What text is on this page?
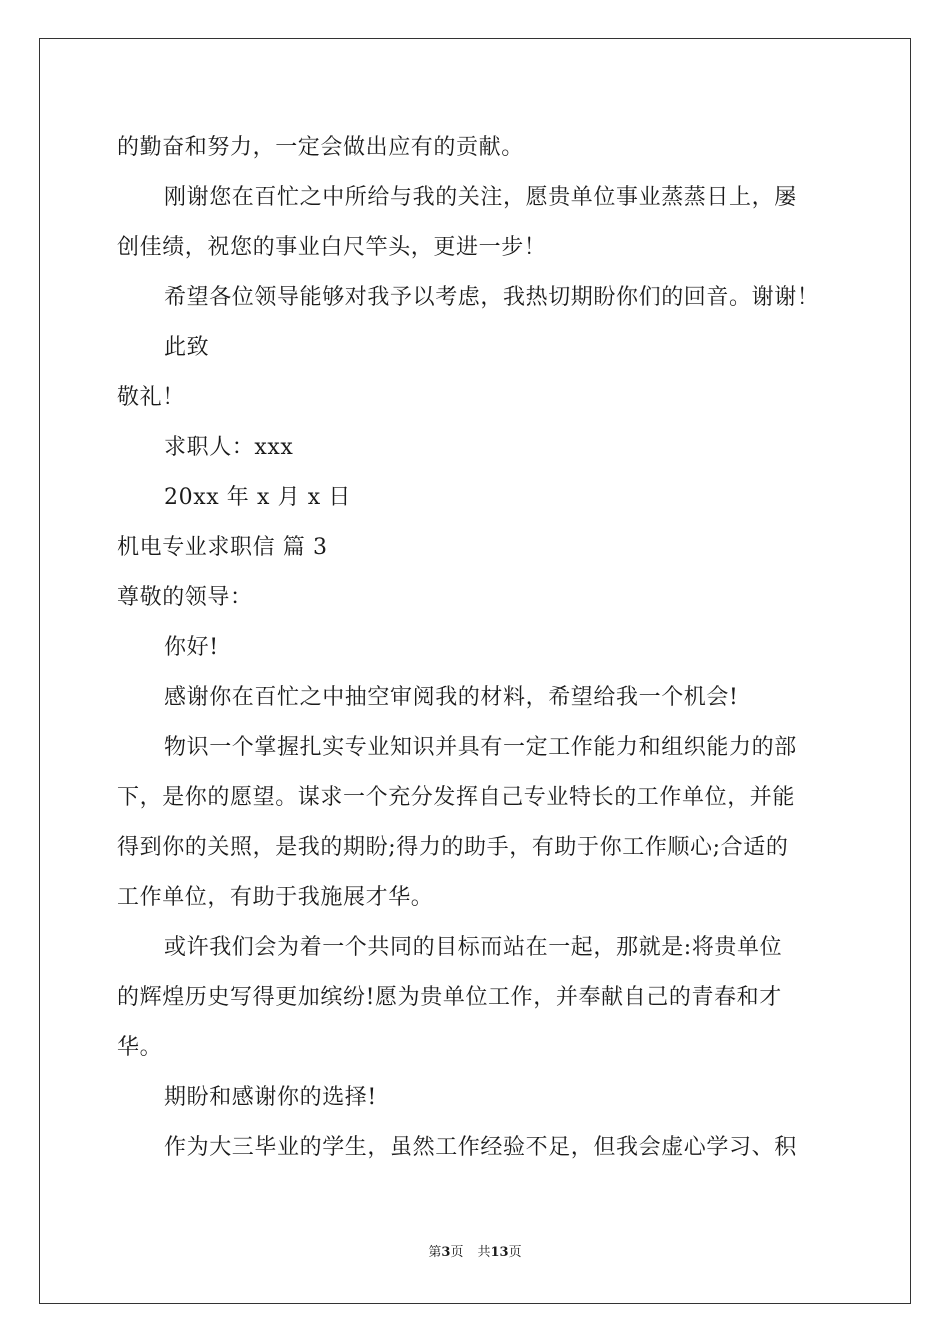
的勤奋和努力，一定会做出应有的贡献。
刚谢您在百忙之中所给与我的关注，愿贵单位事业蒸蒸日上，屡
创佳绩，祝您的事业白尺竿头，更进一步！
希望各位领导能够对我予以考虑，我热切期盼你们的回音。谢谢！
此致
敬礼！
求职人：xxx
20xx 年 x 月 x 日
机电专业求职信 篇 3
尊敬的领导：
你好!
感谢你在百忙之中抽空审阅我的材料，希望给我一个机会!
物识一个掌握扎实专业知识并具有一定工作能力和组织能力的部
下，是你的愿望。谋求一个充分发挥自己专业特长的工作单位，并能
得到你的关照，是我的期盼;得力的助手，有助于你工作顺心;合适的
工作单位，有助于我施展才华。
或许我们会为着一个共同的目标而站在一起，那就是:将贵单位
的辉煌历史写得更加缤纷!愿为贵单位工作，并奉献自己的青春和才
华。
期盼和感谢你的选择!
作为大三毕业的学生，虽然工作经验不足，但我会虚心学习、积
第3页 共13页
